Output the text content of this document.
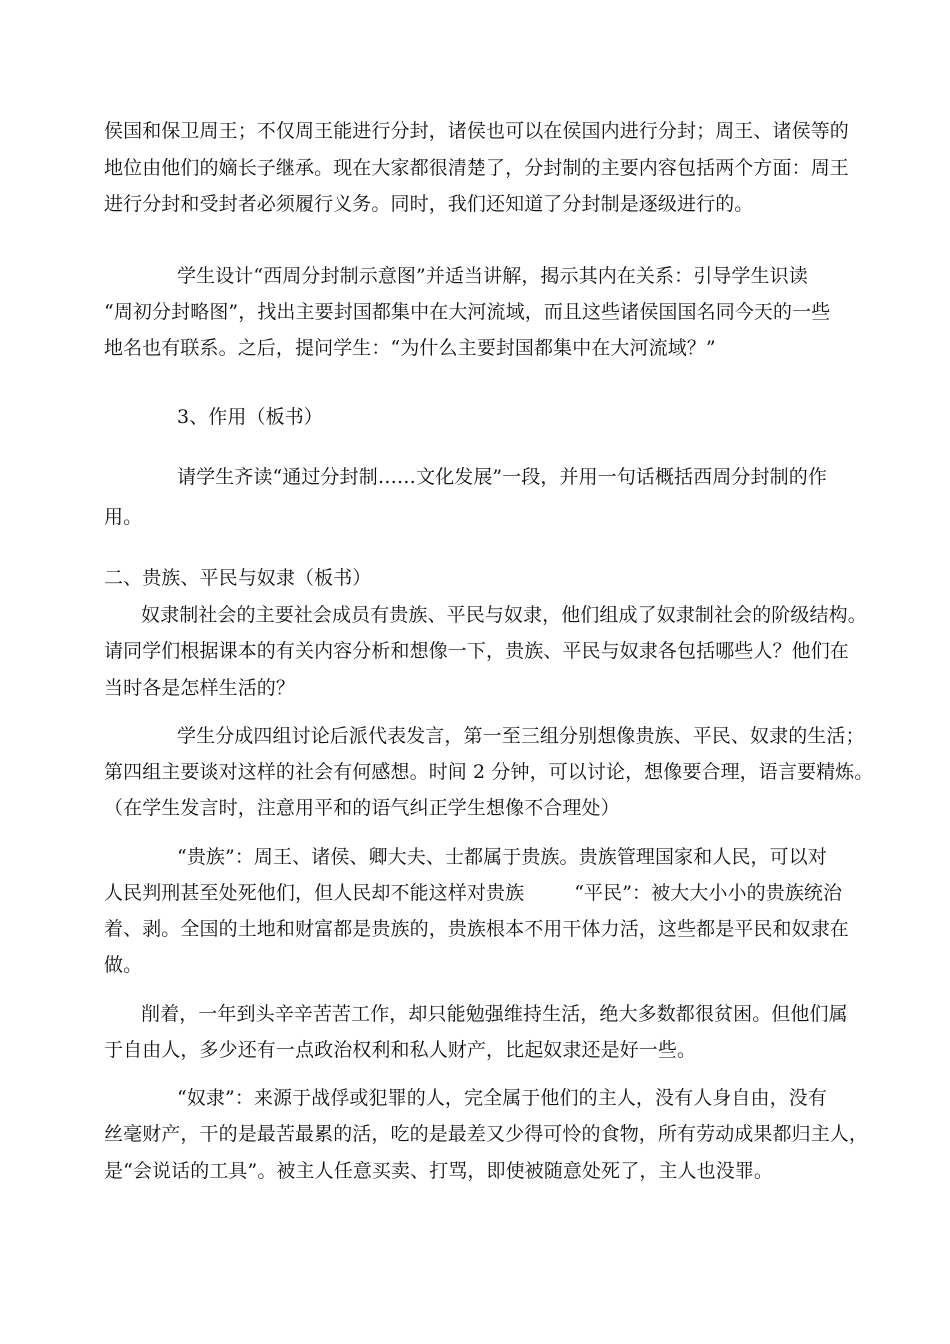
侯国和保卫周王；不仅周王能进行分封，诸侯也可以在侯国内进行分封；周王、诸侯等的
地位由他们的嫡长子继承。现在大家都很清楚了，分封制的主要内容包括两个方面：周王
进行分封和受封者必须履行义务。同时，我们还知道了分封制是逐级进行的。
学生设计“西周分封制示意图”并适当讲解，揭示其内在关系：引导学生识读
“周初分封略图”，找出主要封国都集中在大河流域，而且这些诸侯国国名同今天的一些
地名也有联系。之后，提问学生：“为什么主要封国都集中在大河流域？”
3、作用（板书）
请学生齐读“通过分封制……文化发展”一段，并用一句话概括西周分封制的作
用。
二、贵族、平民与奴隶（板书）
奴隶制社会的主要社会成员有贵族、平民与奴隶，他们组成了奴隶制社会的阶级结构。
请同学们根据课本的有关内容分析和想像一下，贵族、平民与奴隶各包括哪些人？他们在
当时各是怎样生活的？
学生分成四组讨论后派代表发言，第一至三组分别想像贵族、平民、奴隶的生活；
第四组主要谈对这样的社会有何感想。时间 2 分钟，可以讨论，想像要合理，语言要精炼。
（在学生发言时，注意用平和的语气纠正学生想像不合理处）
“贵族”：周王、诸侯、卿大夫、士都属于贵族。贵族管理国家和人民，可以对
人民判刑甚至处死他们，但人民却不能这样对贵族	“平民”：被大大小小的贵族统治
着、剥。全国的土地和财富都是贵族的，贵族根本不用干体力活，这些都是平民和奴隶在
做。
削着，一年到头辛辛苦苦工作，却只能勉强维持生活，绝大多数都很贫困。但他们属
于自由人，多少还有一点政治权利和私人财产，比起奴隶还是好一些。
“奴隶”：来源于战俘或犯罪的人，完全属于他们的主人，没有人身自由，没有
丝毫财产，干的是最苦最累的活，吃的是最差又少得可怜的食物，所有劳动成果都归主人，
是“会说话的工具”。被主人任意买卖、打骂，即使被随意处死了，主人也没罪。
